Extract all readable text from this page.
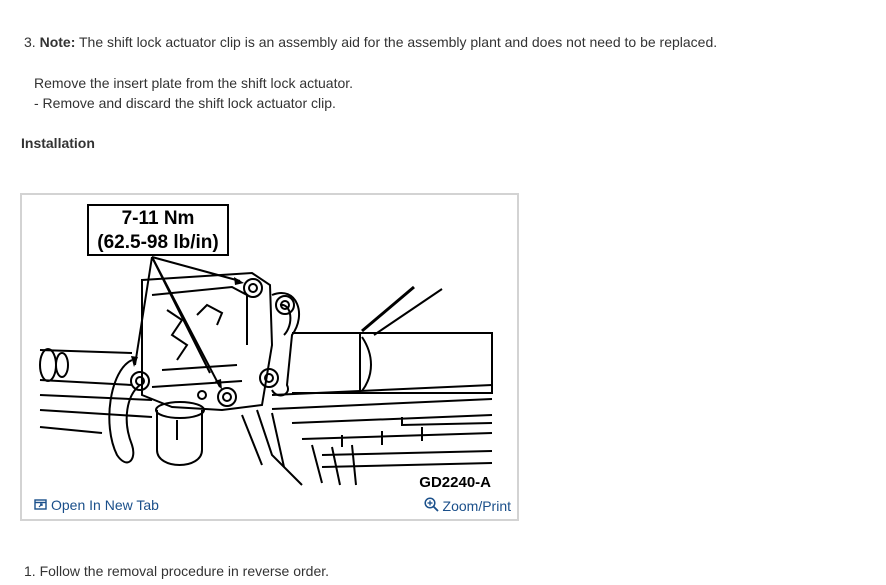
3. Note: The shift lock actuator clip is an assembly aid for the assembly plant and does not need to be replaced.
Remove the insert plate from the shift lock actuator.
- Remove and discard the shift lock actuator clip.
Installation
7-11 Nm
(62.5-98 lb/in)
GD2240-A
Open In New Tab	Zoom/Print
1. Follow the removal procedure in reverse order.
